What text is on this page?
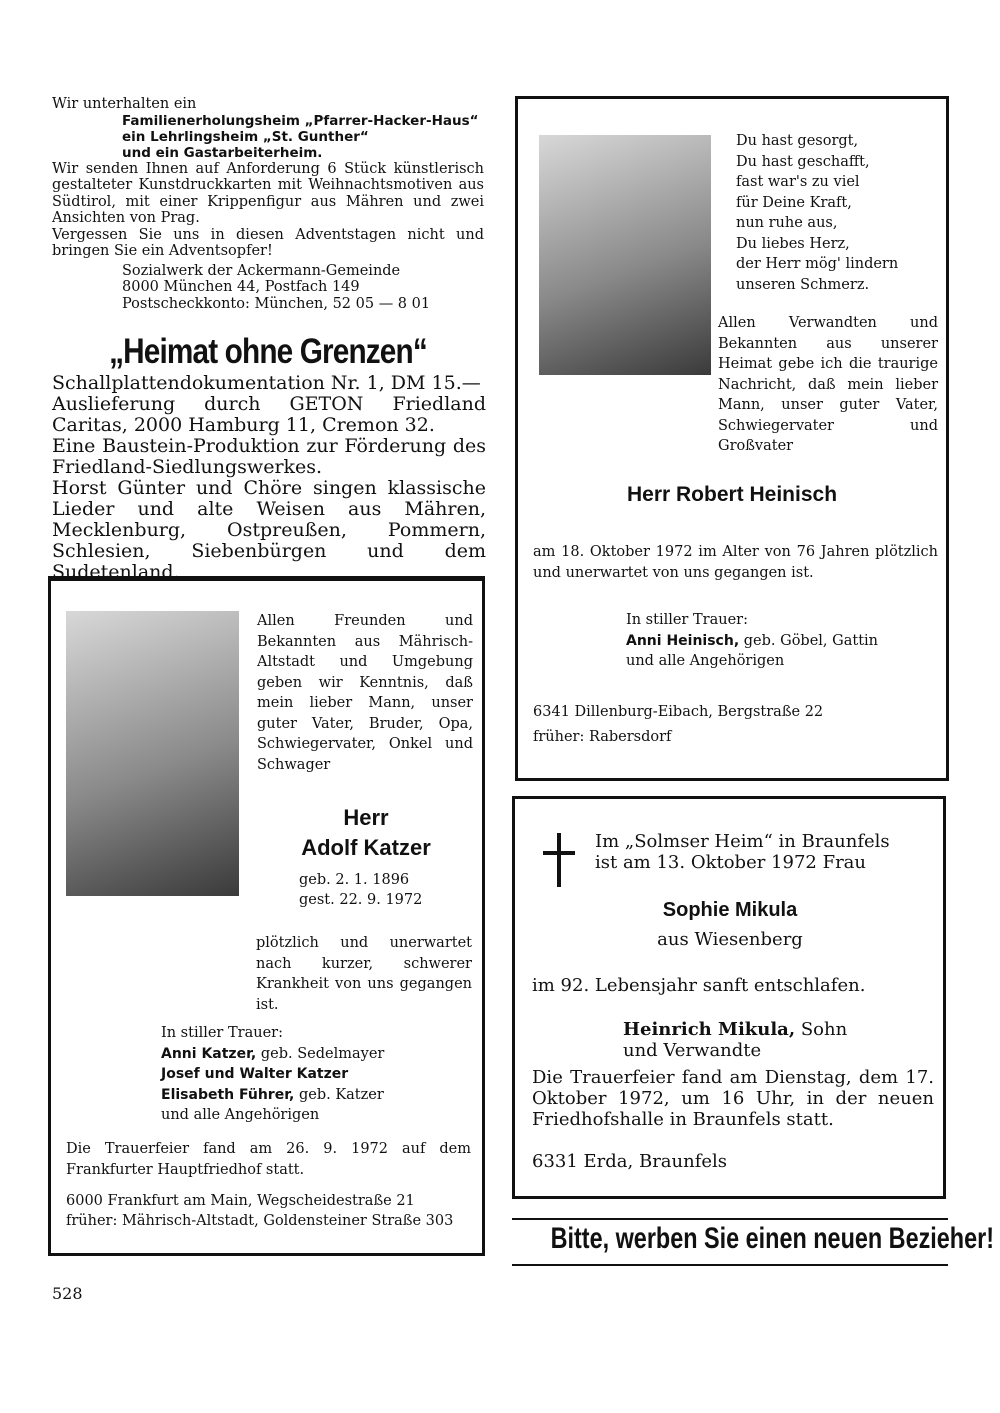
Wir unterhalten ein
Familienerholungsheim „Pfarrer-Hacker-Haus“
ein Lehrlingsheim „St. Gunther“
und ein Gastarbeiterheim.
Wir senden Ihnen auf Anforderung 6 Stück künstlerisch gestalteter Kunstdruckkarten mit Weihnachtsmotiven aus Südtirol, mit einer Krippenfigur aus Mähren und zwei Ansichten von Prag.
Vergessen Sie uns in diesen Adventstagen nicht und bringen Sie ein Adventsopfer!
Sozialwerk der Ackermann-Gemeinde
8000 München 44, Postfach 149
Postscheckkonto: München, 52 05 — 8 01
„Heimat ohne Grenzen“
Schallplattendokumentation Nr. 1, DM 15.—
Auslieferung durch GETON Friedland Caritas, 2000 Hamburg 11, Cremon 32.
Eine Baustein-Produktion zur Förderung des Friedland-Siedlungswerkes.
Horst Günter und Chöre singen klassische Lieder und alte Weisen aus Mähren, Mecklenburg, Ostpreußen, Pommern, Schlesien, Siebenbürgen und dem Sudetenland.
Allen Freunden und Bekannten aus Mährisch-Altstadt und Umgebung geben wir Kenntnis, daß mein lieber Mann, unser guter Vater, Bruder, Opa, Schwiegervater, Onkel und Schwager
Herr
Adolf Katzer
geb. 2. 1. 1896
gest. 22. 9. 1972
plötzlich und unerwartet nach kurzer, schwerer Krankheit von uns gegangen ist.
In stiller Trauer:
Anni Katzer, geb. Sedelmayer
Josef und Walter Katzer
Elisabeth Führer, geb. Katzer
und alle Angehörigen
Die Trauerfeier fand am 26. 9. 1972 auf dem Frankfurter Hauptfriedhof statt.
6000 Frankfurt am Main, Wegscheidestraße 21
früher: Mährisch-Altstadt, Goldensteiner Straße 303
Du hast gesorgt,
Du hast geschafft,
fast war's zu viel
für Deine Kraft,
nun ruhe aus,
Du liebes Herz,
der Herr mög' lindern
unseren Schmerz.
Allen Verwandten und Bekannten aus unserer Heimat gebe ich die traurige Nachricht, daß mein lieber Mann, unser guter Vater, Schwiegervater und Großvater
Herr Robert Heinisch
am 18. Oktober 1972 im Alter von 76 Jahren plötzlich und unerwartet von uns gegangen ist.
In stiller Trauer:
Anni Heinisch, geb. Göbel, Gattin
und alle Angehörigen
6341 Dillenburg-Eibach, Bergstraße 22
früher: Rabersdorf
Im „Solmser Heim“ in Braunfels
ist am 13. Oktober 1972 Frau
Sophie Mikula
aus Wiesenberg
im 92. Lebensjahr sanft entschlafen.
Heinrich Mikula, Sohn
und Verwandte
Die Trauerfeier fand am Dienstag, dem 17. Oktober 1972, um 16 Uhr, in der neuen Friedhofshalle in Braunfels statt.
6331 Erda, Braunfels
Bitte, werben Sie einen neuen Bezieher!
528
